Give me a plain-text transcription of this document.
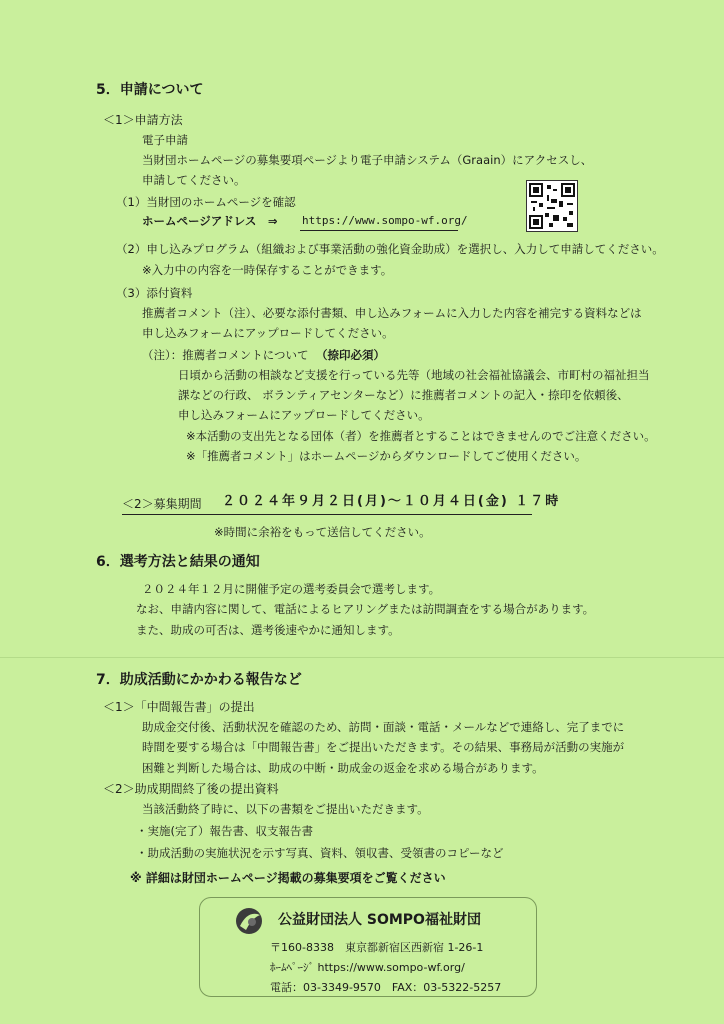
5．申請について
＜1＞申請方法
電子申請
当財団ホームページの募集要項ページより電子申請システム（Graain）にアクセスし、
申請してください。
（1）当財団のホームページを確認
ホームページアドレス　⇒ https://www.sompo-wf.org/
（2）申し込みプログラム（組織および事業活動の強化資金助成）を選択し、入力して申請してください。
※入力中の内容を一時保存することができます。
（3）添付資料
推薦者コメント（注）、必要な添付書類、申し込みフォームに入力した内容を補完する資料などは
申し込みフォームにアップロードしてください。
（注）：推薦者コメントについて （捺印必須）
日頃から活動の相談など支援を行っている先等（地域の社会福祉協議会、市町村の福祉担当
課などの行政、 ボランティアセンターなど）に推薦者コメントの記入・捺印を依頼後、
申し込みフォームにアップロードしてください。
※本活動の支出先となる団体（者）を推薦者とすることはできませんのでご注意ください。
※「推薦者コメント」はホームページからダウンロードしてご使用ください。
＜2＞募集期間 ２０２４年９月２日(月)～１０月４日(金) １７時
※時間に余裕をもって送信してください。
6．選考方法と結果の通知
２０２４年１２月に開催予定の選考委員会で選考します。
なお、申請内容に関して、電話によるヒアリングまたは訪問調査をする場合があります。
また、助成の可否は、選考後速やかに通知します。
7．助成活動にかかわる報告など
＜1＞「中間報告書」の提出
助成金交付後、活動状況を確認のため、訪問・面談・電話・メールなどで連絡し、完了までに
時間を要する場合は「中間報告書」をご提出いただきます。その結果、事務局が活動の実施が
困難と判断した場合は、助成の中断・助成金の返金を求める場合があります。
＜2＞助成期間終了後の提出資料
当該活動終了時に、以下の書類をご提出いただきます。
・実施(完了）報告書、収支報告書
・助成活動の実施状況を示す写真、資料、領収書、受領書のコピーなど
※ 詳細は財団ホームページ掲載の募集要項をご覧ください
公益財団法人 SOMPO福祉財団
〒160-8338　東京都新宿区西新宿 1-26-1
ﾎｰﾑﾍﾟｰｼﾞ https://www.sompo-wf.org/
電話：03-3349-9570　FAX：03-5322-5257
